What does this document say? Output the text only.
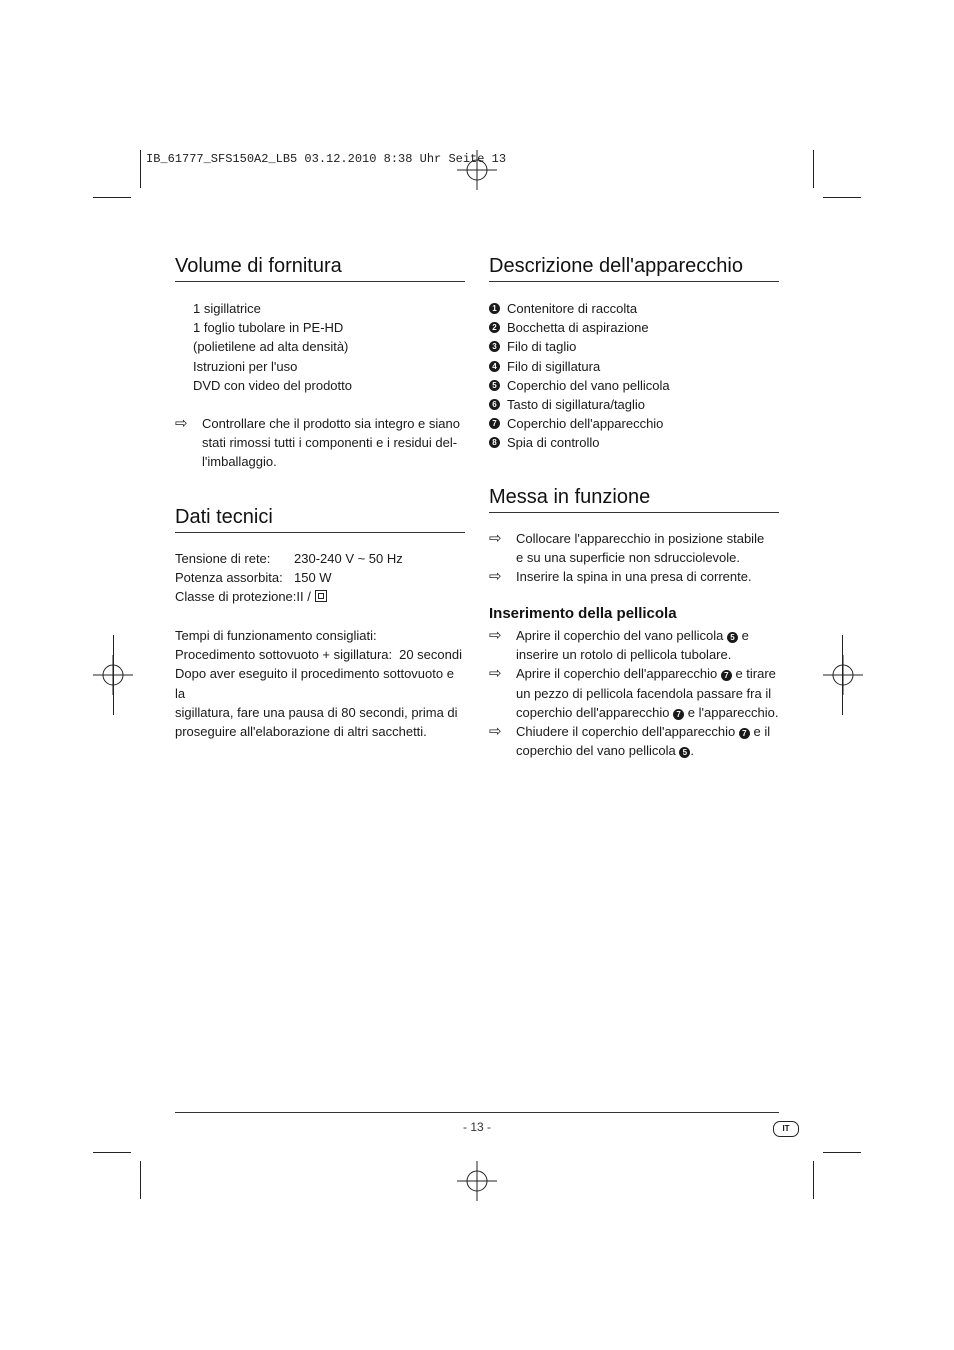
IB_61777_SFS150A2_LB5 03.12.2010 8:38 Uhr Seite 13
Volume di fornitura
1 sigillatrice
1 foglio tubolare in PE-HD
(polietilene ad alta densità)
Istruzioni per l'uso
DVD con video del prodotto
⇨ Controllare che il prodotto sia integro e siano
stati rimossi tutti i componenti e i residui del-
l'imballaggio.
Dati tecnici
Tensione di rete: 230-240 V ~ 50 Hz
Potenza assorbita: 150 W
Classe di protezione:II /
Tempi di funzionamento consigliati:
Procedimento sottovuoto + sigillatura: 20 secondi
Dopo aver eseguito il procedimento sottovuoto e la
sigillatura, fare una pausa di 80 secondi, prima di
proseguire all'elaborazione di altri sacchetti.
Descrizione dell'apparecchio
1 Contenitore di raccolta
2 Bocchetta di aspirazione
3 Filo di taglio
4 Filo di sigillatura
5 Coperchio del vano pellicola
6 Tasto di sigillatura/taglio
7 Coperchio dell'apparecchio
8 Spia di controllo
Messa in funzione
⇨ Collocare l'apparecchio in posizione stabile
e su una superficie non sdrucciolevole.
⇨ Inserire la spina in una presa di corrente.
Inserimento della pellicola
⇨ Aprire il coperchio del vano pellicola 5 e
inserire un rotolo di pellicola tubolare.
⇨ Aprire il coperchio dell'apparecchio 7 e tirare
un pezzo di pellicola facendola passare fra il
coperchio dell'apparecchio 7 e l'apparecchio.
⇨ Chiudere il coperchio dell'apparecchio 7 e il
coperchio del vano pellicola 5 .
- 13 -	IT
